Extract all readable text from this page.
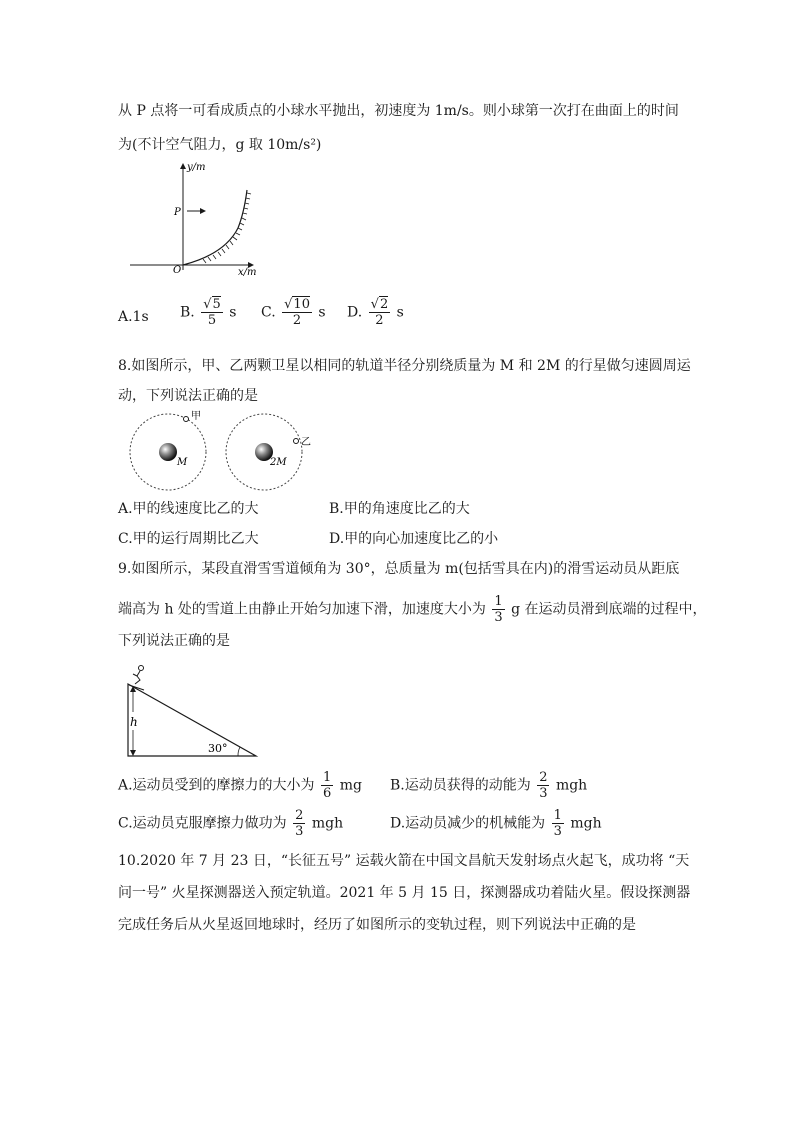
从 P 点将一可看成质点的小球水平抛出，初速度为 1m/s。则小球第一次打在曲面上的时间
为(不计空气阻力，g 取 10m/s²)
y/m
x/m
P
O
A.1s B. $\frac{√5}{5}$ s C. $\frac{√10}{2}$ s D. $\frac{√2}{2}$ s
8.如图所示，甲、乙两颗卫星以相同的轨道半径分别绕质量为 M 和 2M 的行星做匀速圆周运
动，下列说法正确的是
甲
M
乙
2M
A.甲的线速度比乙的大	B.甲的角速度比乙的大
C.甲的运行周期比乙大	D.甲的向心加速度比乙的小
9.如图所示，某段直滑雪雪道倾角为 30°，总质量为 m(包括雪具在内)的滑雪运动员从距底
端高为 h 处的雪道上由静止开始匀加速下滑，加速度大小为 $\frac{1}{3}$ g 在运动员滑到底端的过程中，
下列说法正确的是
h
30°
A.运动员受到的摩擦力的大小为 $\frac{1}{6}$ mg B.运动员获得的动能为 $\frac{2}{3}$ mgh
C.运动员克服摩擦力做功为 $\frac{2}{3}$ mgh	D.运动员减少的机械能为 $\frac{1}{3}$ mgh
10.2020 年 7 月 23 日，“长征五号” 运载火箭在中国文昌航天发射场点火起飞，成功将 “天
问一号” 火星探测器送入预定轨道。2021 年 5 月 15 日，探测器成功着陆火星。假设探测器
完成任务后从火星返回地球时，经历了如图所示的变轨过程，则下列说法中正确的是
